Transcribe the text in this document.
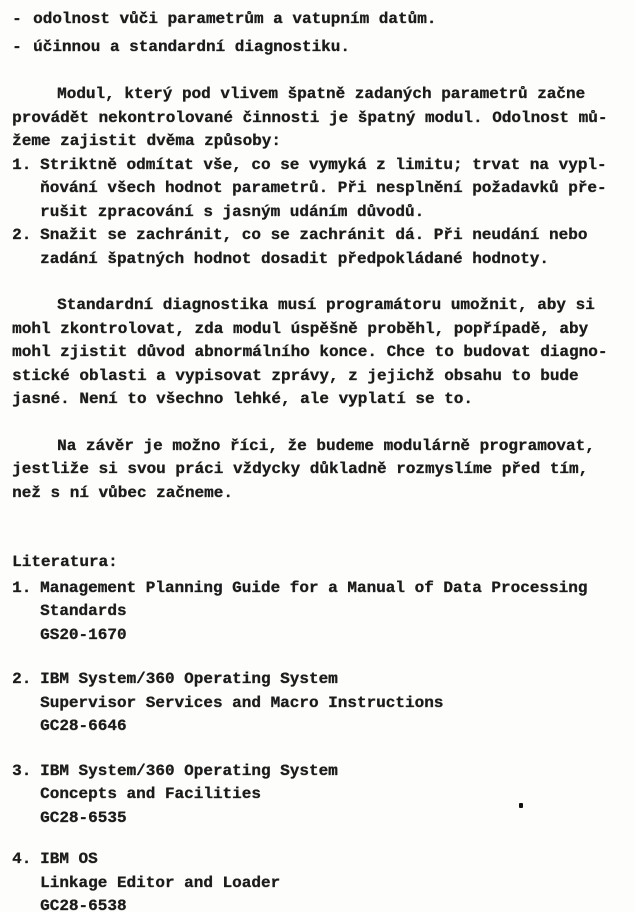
- odolnost vůči parametrům a vatupním datům.
- účinnou a standardní diagnostiku.
Modul, který pod vlivem špatně zadaných parametrů začne
provádět nekontrolované činnosti je špatný modul. Odolnost mů-
žeme zajistit dvěma způsoby:
1. Striktně odmítat vše, co se vymyká z limitu; trvat na vypl-
ňování všech hodnot parametrů. Při nesplnění požadavků pře-
rušit zpracování s jasným udáním důvodů.
2. Snažit se zachránit, co se zachránit dá. Při neudání nebo
zadání špatných hodnot dosadit předpokládané hodnoty.
Standardní diagnostika musí programátoru umožnit, aby si
mohl zkontrolovat, zda modul úspěšně proběhl, popřípadě, aby
mohl zjistit důvod abnormálního konce. Chce to budovat diagno-
stické oblasti a vypisovat zprávy, z jejichž obsahu to bude
jasné. Není to všechno lehké, ale vyplatí se to.
Na závěr je možno říci, že budeme modulárně programovat,
jestliže si svou práci vždycky důkladně rozmyslíme před tím,
než s ní vůbec začneme.
Literatura:
1. Management Planning Guide for a Manual of Data Processing
Standards
GS20-1670
2. IBM System/360 Operating System
Supervisor Services and Macro Instructions
GC28-6646
3. IBM System/360 Operating System
Concepts and Facilities
GC28-6535
4. IBM OS
Linkage Editor and Loader
GC28-6538
